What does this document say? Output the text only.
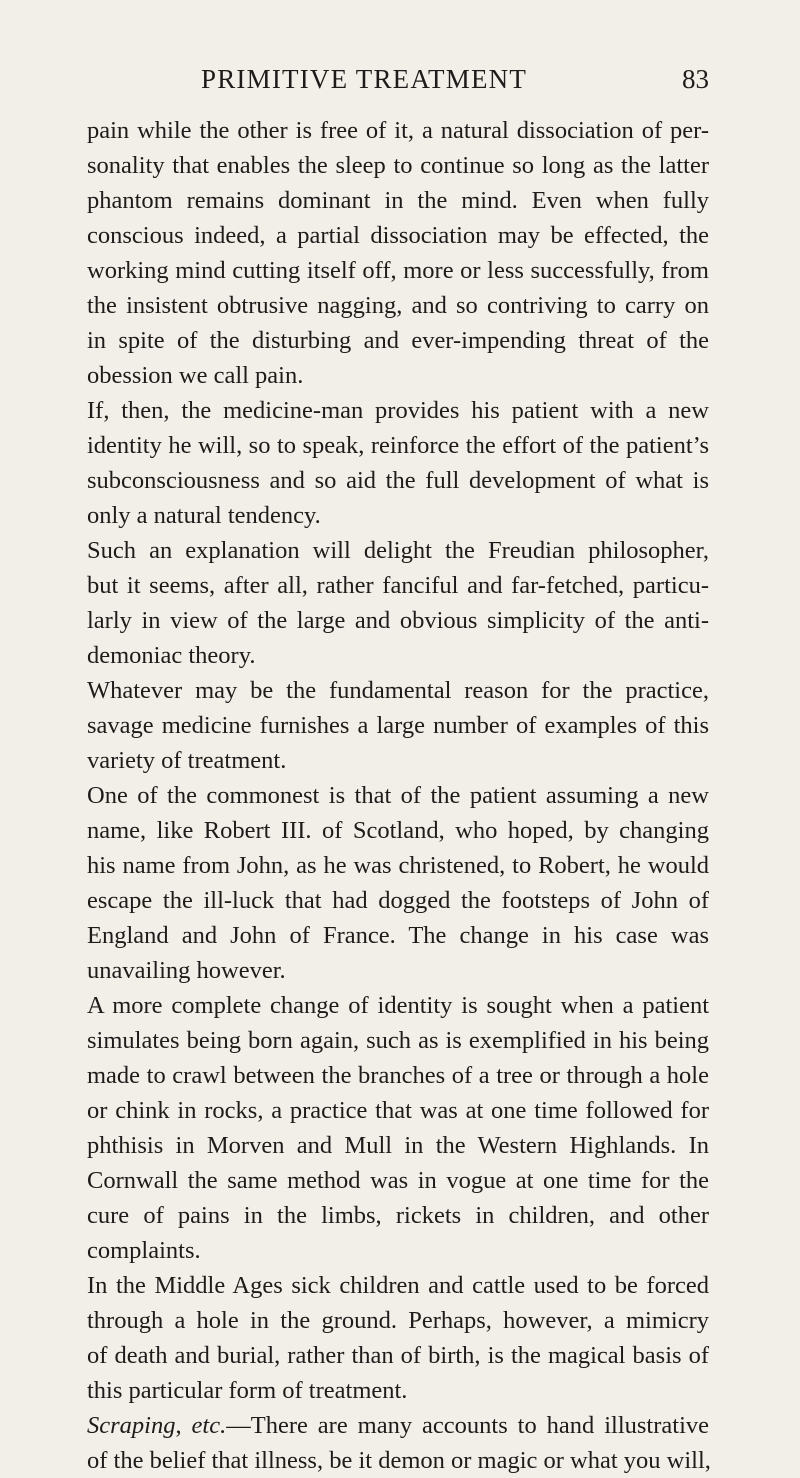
PRIMITIVE TREATMENT	83
pain while the other is free of it, a natural dissociation of per-
sonality that enables the sleep to continue so long as the latter
phantom remains dominant in the mind. Even when fully
conscious indeed, a partial dissociation may be effected, the
working mind cutting itself off, more or less successfully, from
the insistent obtrusive nagging, and so contriving to carry on
in spite of the disturbing and ever-impending threat of the
obession we call pain.
If, then, the medicine-man provides his patient with a new
identity he will, so to speak, reinforce the effort of the patient’s
subconsciousness and so aid the full development of what is
only a natural tendency.
Such an explanation will delight the Freudian philosopher,
but it seems, after all, rather fanciful and far-fetched, particu-
larly in view of the large and obvious simplicity of the anti-
demoniac theory.
Whatever may be the fundamental reason for the practice,
savage medicine furnishes a large number of examples of this
variety of treatment.
One of the commonest is that of the patient assuming a new
name, like Robert III. of Scotland, who hoped, by changing
his name from John, as he was christened, to Robert, he would
escape the ill-luck that had dogged the footsteps of John of
England and John of France. The change in his case was
unavailing however.
A more complete change of identity is sought when a patient
simulates being born again, such as is exemplified in his being
made to crawl between the branches of a tree or through a hole
or chink in rocks, a practice that was at one time followed for
phthisis in Morven and Mull in the Western Highlands. In
Cornwall the same method was in vogue at one time for the
cure of pains in the limbs, rickets in children, and other
complaints.
In the Middle Ages sick children and cattle used to be forced
through a hole in the ground. Perhaps, however, a mimicry
of death and burial, rather than of birth, is the magical basis of
this particular form of treatment.
Scraping, etc.—There are many accounts to hand illustrative
of the belief that illness, be it demon or magic or what you will,
